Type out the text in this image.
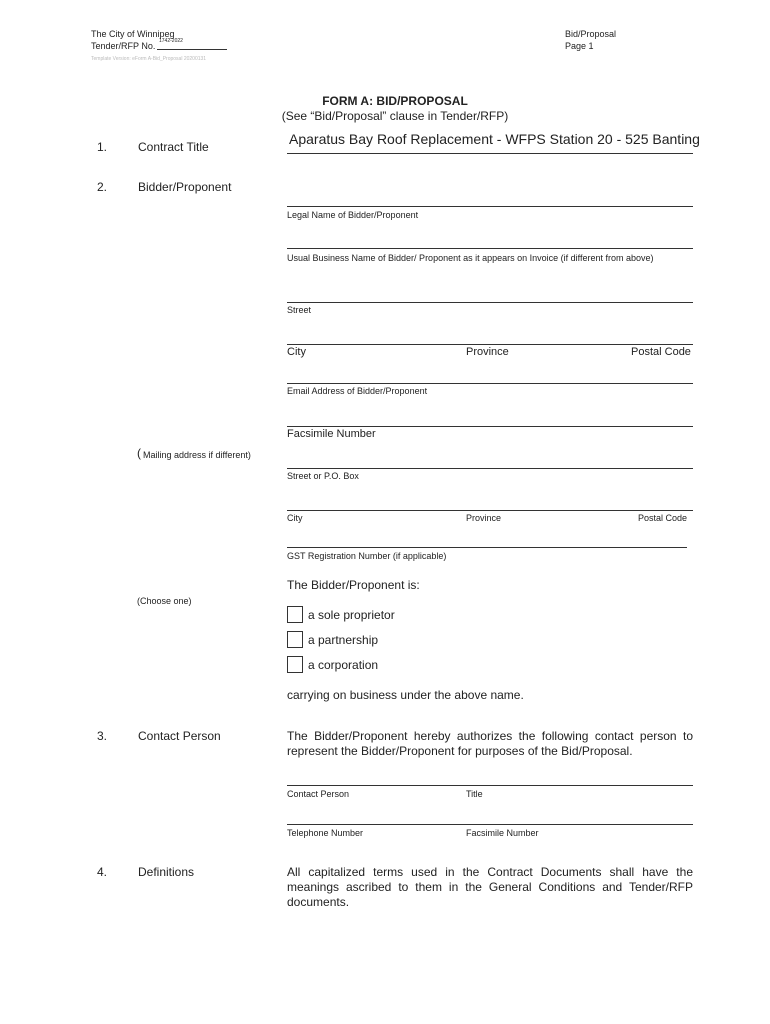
The City of Winnipeg
Tender/RFP No. 1742-2022
Template Version: eForm A-Bid_Proposal 20200131
Bid/Proposal
Page 1
FORM A: BID/PROPOSAL
(See “Bid/Proposal” clause in Tender/RFP)
1.	Contract Title	Aparatus Bay Roof Replacement - WFPS Station 20 - 525 Banting
2.	Bidder/Proponent
Legal Name of Bidder/Proponent
Usual Business Name of Bidder/ Proponent as it appears on Invoice (if different from above)
Street
City	Province	Postal Code
Email Address of Bidder/Proponent
Facsimile Number
( Mailing address if different)
Street or P.O. Box
City	Province	Postal Code
GST Registration Number (if applicable)
The Bidder/Proponent is:
(Choose one)
a sole proprietor
a partnership
a corporation
carrying on business under the above name.
3.	Contact Person	The Bidder/Proponent hereby authorizes the following contact person to represent the Bidder/Proponent for purposes of the Bid/Proposal.
Contact Person	Title
Telephone Number	Facsimile Number
4.	Definitions	All capitalized terms used in the Contract Documents shall have the meanings ascribed to them in the General Conditions and Tender/RFP documents.
